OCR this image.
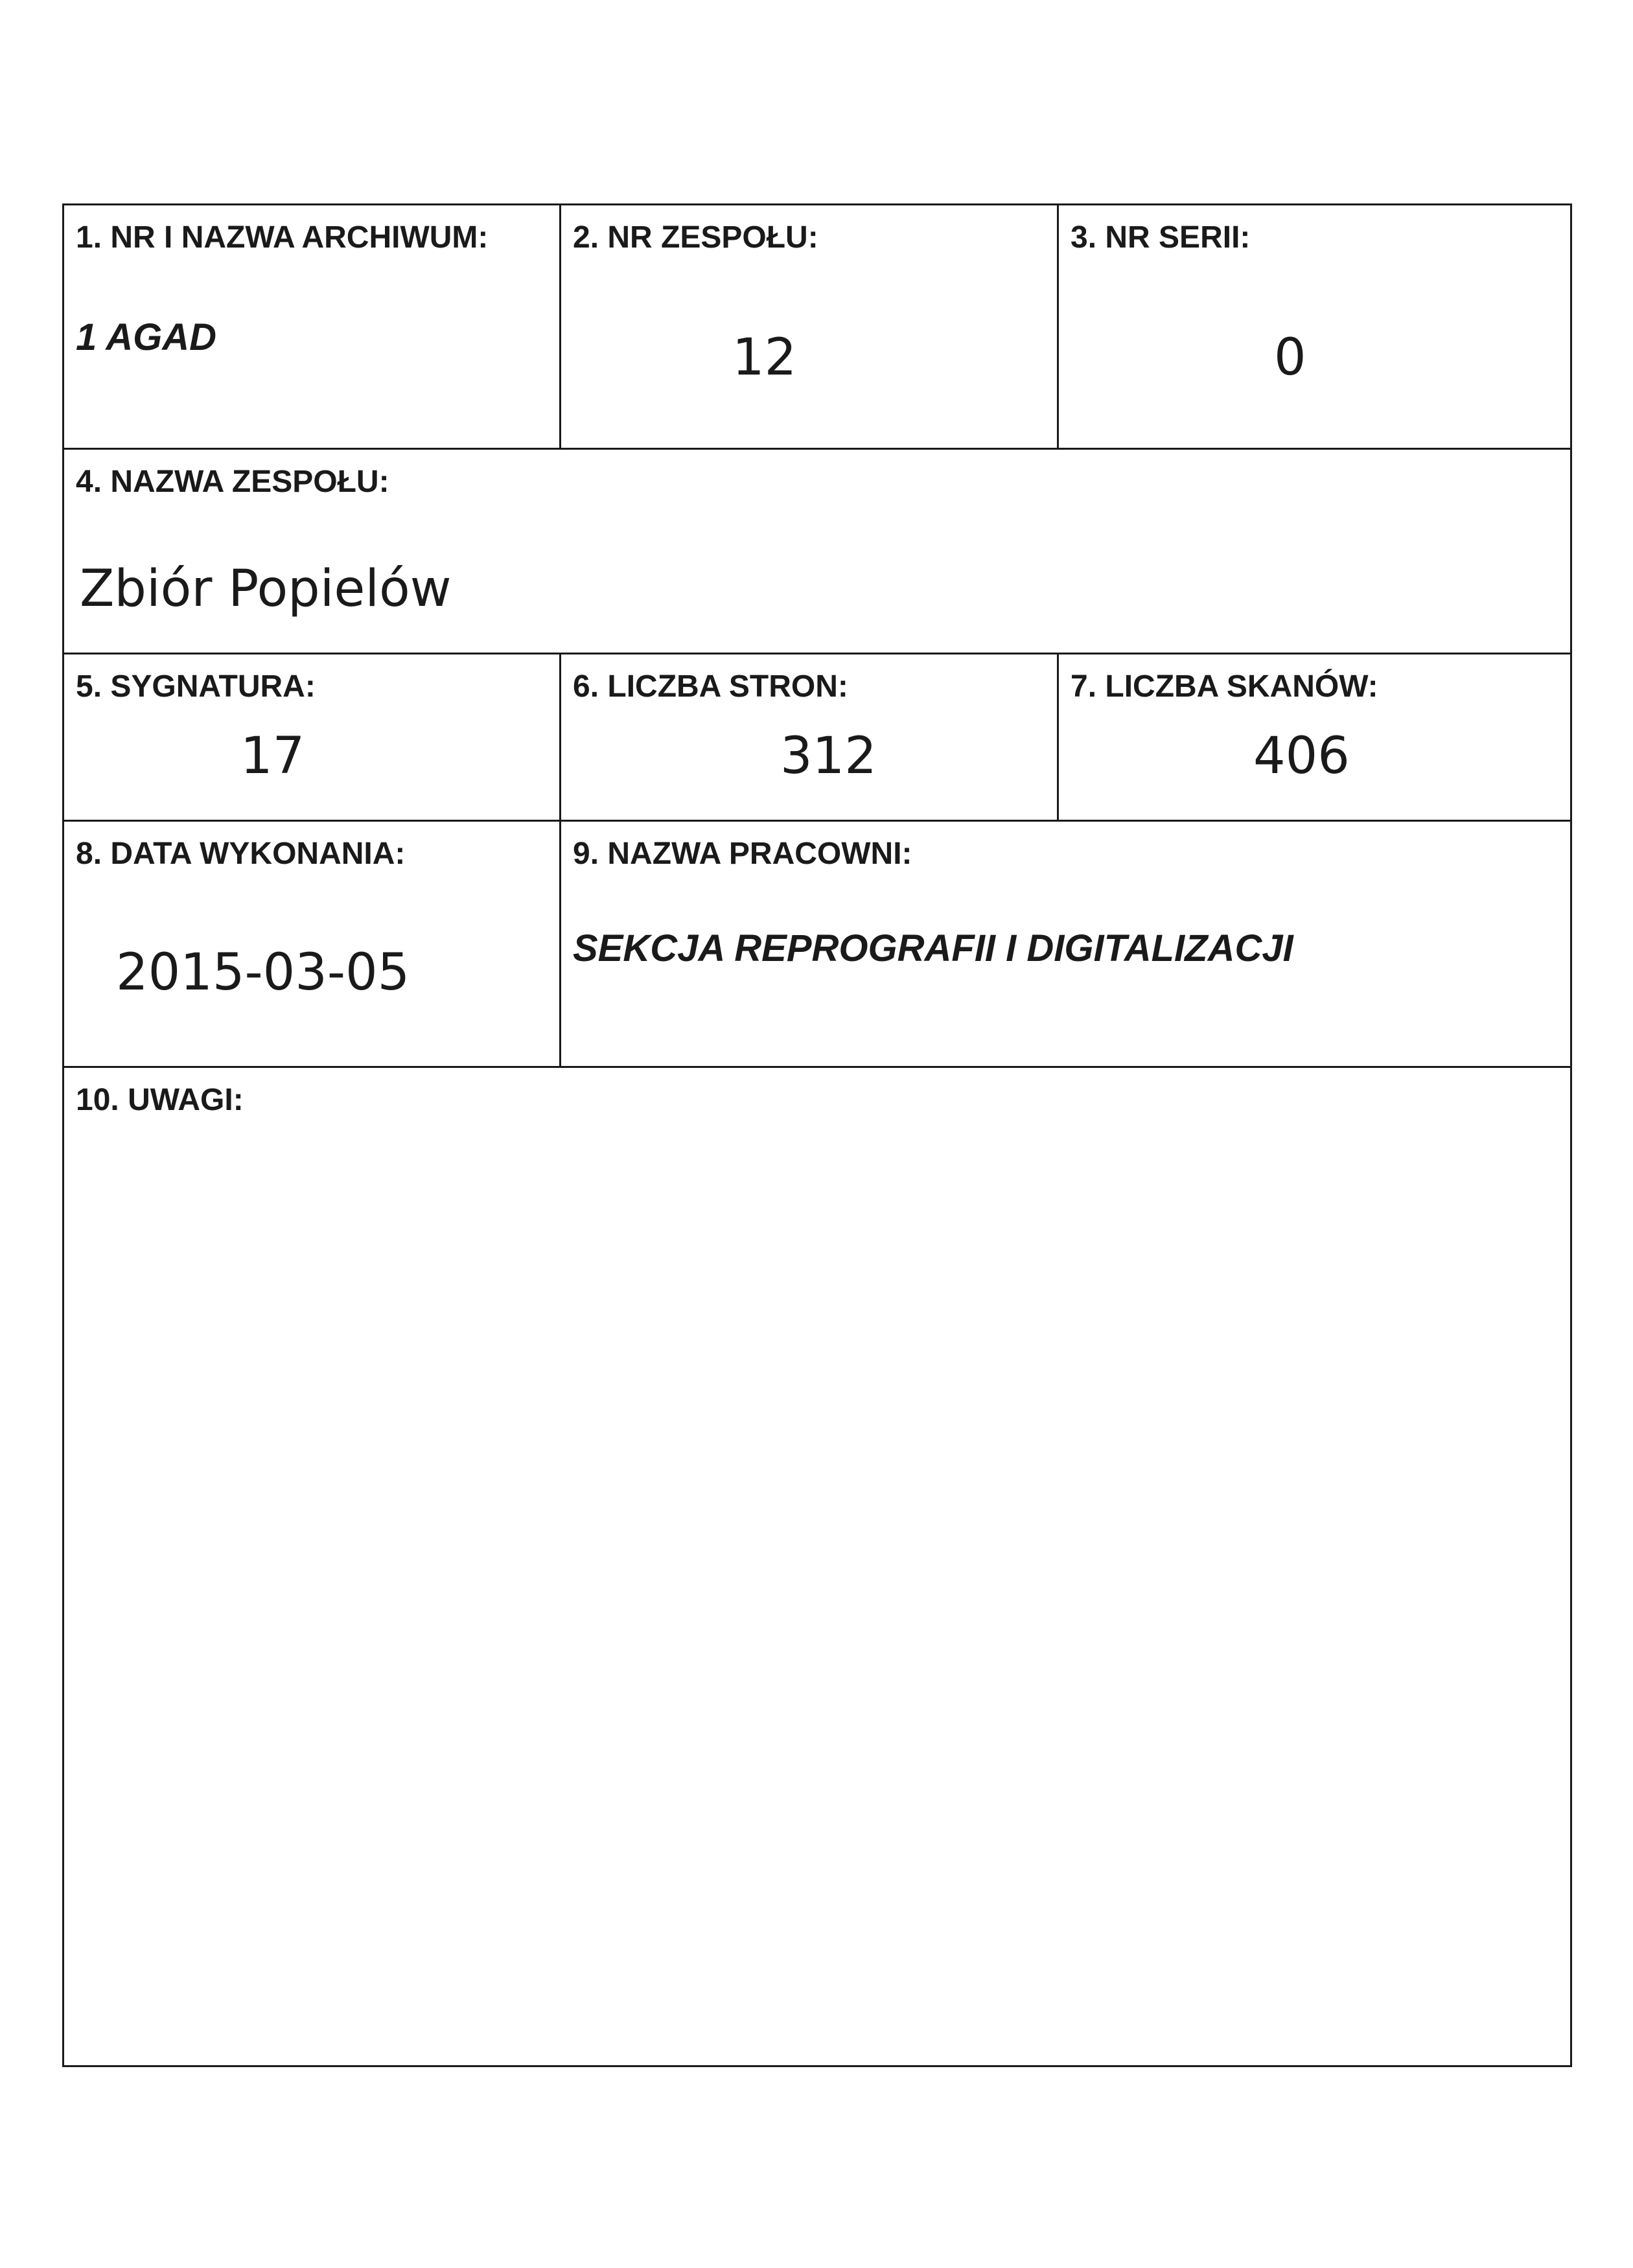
1. NR I NAZWA ARCHIWUM:
1 AGAD
2. NR ZESPOŁU:
12
3. NR SERII:
0
4. NAZWA ZESPOŁU:
Zbiór Popielów
5. SYGNATURA:
17
6. LICZBA STRON:
312
7. LICZBA SKANÓW:
406
8. DATA WYKONANIA:
2015-03-05
9. NAZWA PRACOWNI:
SEKCJA REPROGRAFII I DIGITALIZACJI
10. UWAGI:
